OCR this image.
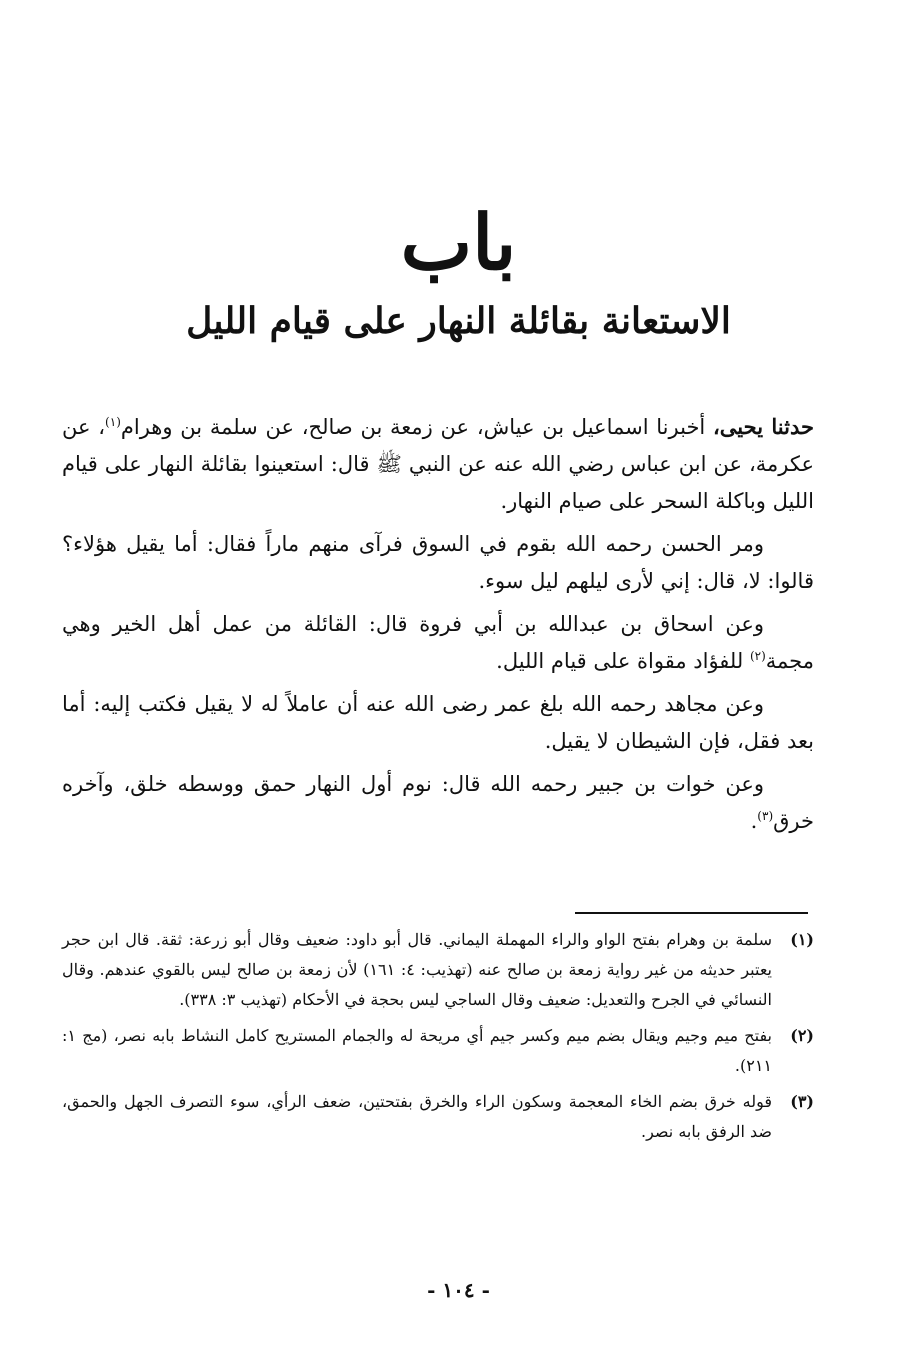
باب
الاستعانة بقائلة النهار على قيام الليل

حدثنا يحيى، أخبرنا اسماعيل بن عياش، عن زمعة بن صالح، عن سلمة بن وهرام$^{(١)}$، عن عكرمة، عن ابن عباس رضي الله عنه عن النبي ﷺ قال: استعينوا بقائلة النهار على قيام الليل وباكلة السحر على صيام النهار.

ومر الحسن رحمه الله بقوم في السوق فرآى منهم ماراً فقال: أما يقيل هؤلاء؟ قالوا: لا، قال: إني لأرى ليلهم ليل سوء.

وعن اسحاق بن عبدالله بن أبي فروة قال: القائلة من عمل أهل الخير وهي مجمة$^{(٢)}$ للفؤاد مقواة على قيام الليل.

وعن مجاهد رحمه الله بلغ عمر رضى الله عنه أن عاملاً له لا يقيل فكتب إليه: أما بعد فقل، فإن الشيطان لا يقيل.

وعن خوات بن جبير رحمه الله قال: نوم أول النهار حمق ووسطه خلق، وآخره خرق$^{(٣)}$.

(١)
سلمة بن وهرام بفتح الواو والراء المهملة اليماني. قال أبو داود: ضعيف وقال أبو زرعة: ثقة. قال ابن حجر يعتبر حديثه من غير رواية زمعة بن صالح عنه (تهذيب: ٤: ١٦١) لأن زمعة بن صالح ليس بالقوي عندهم. وقال النسائي في الجرح والتعديل: ضعيف وقال الساجي ليس بحجة في الأحكام (تهذيب ٣: ٣٣٨).
(٢)
بفتح ميم وجيم ويقال بضم ميم وكسر جيم أي مريحة له والجمام المستريح كامل النشاط بابه نصر، (مج ١: ٢١١).
(٣)
قوله خرق بضم الخاء المعجمة وسكون الراء والخرق بفتحتين، ضعف الرأي، سوء التصرف الجهل والحمق، ضد الرفق بابه نصر.
- ١٠٤ -
